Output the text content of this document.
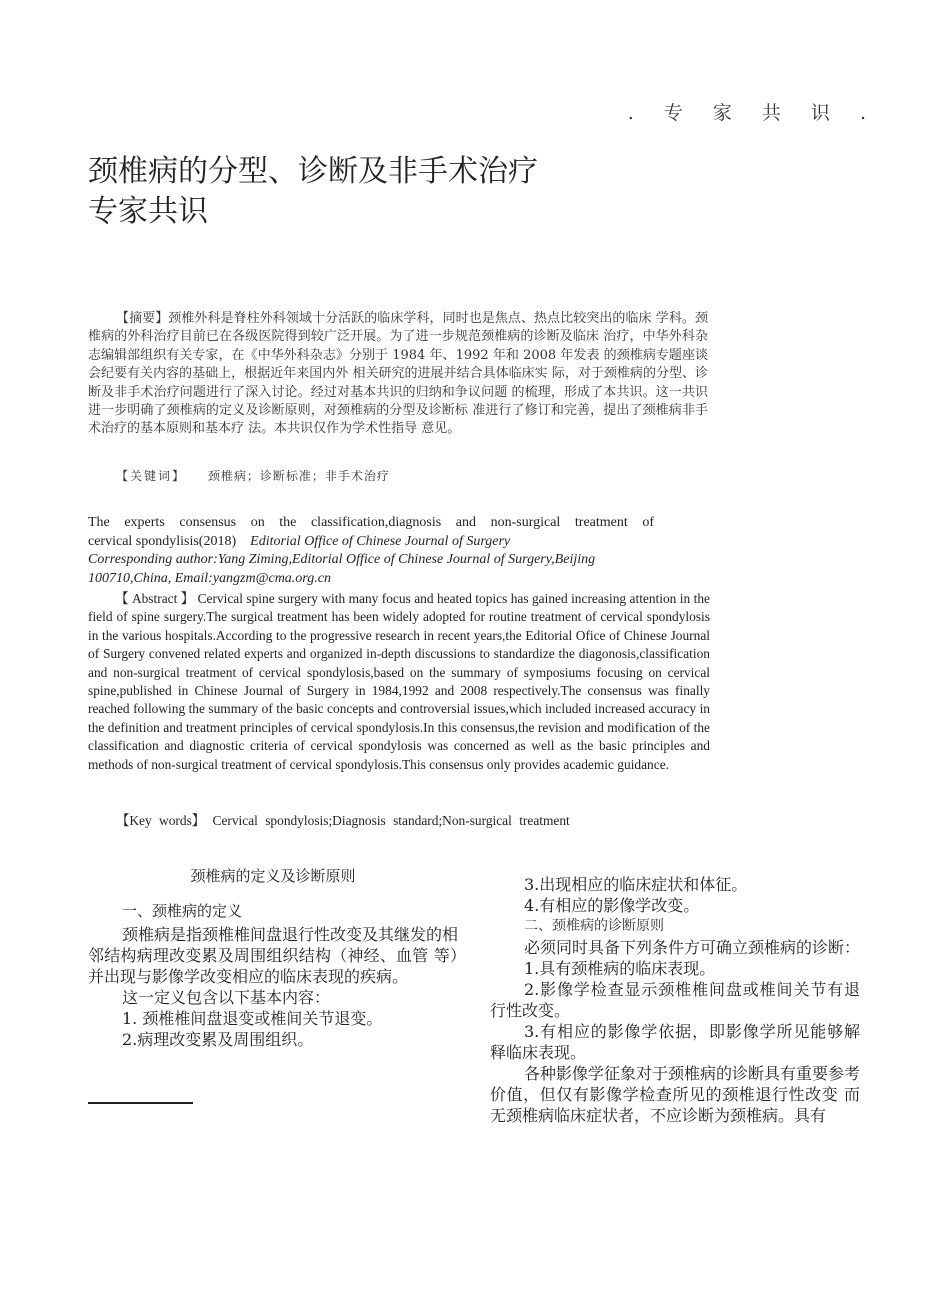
. 专 家 共 识 .
颈椎病的分型、诊断及非手术治疗
专家共识

【摘要】颈椎外科是脊柱外科领域十分活跃的临床学科，同时也是焦点、热点比较突出的临床 学科。颈椎病的外科治疗目前已在各级医院得到较广泛开展。为了进一步规范颈椎病的诊断及临床 治疗，中华外科杂志编辑部组织有关专家，在《中华外科杂志》分别于 1984 年、1992 年和 2008 年发表 的颈椎病专题座谈会纪要有关内容的基础上，根据近年来国内外 相关研究的进展并结合具体临床实 际，对于颈椎病的分型、诊断及非手术治疗问题进行了深入讨论。经过对基本共识的归纳和争议问题 的梳理，形成了本共识。这一共识进一步明确了颈椎病的定义及诊断原则，对颈椎病的分型及诊断标 准进行了修订和完善，提出了颈椎病非手术治疗的基本原则和基本疗 法。本共识仅作为学术性指导 意见。

【关键词】 颈椎病；诊断标准；非手术治疗
The experts consensus on the classification,diagnosis and non-surgical treatment of
cervical spondylisis(2018) Editorial Office of Chinese Journal of Surgery
Corresponding author:Yang Ziming,Editorial Office of Chinese Journal of Surgery,Beijing
100710,China, Email:yangzm@cma.org.cn

【 Abstract 】 Cervical spine surgery with many focus and heated topics has gained increasing attention in the field of spine surgery.The surgical treatment has been widely adopted for routine treatment of cervical spondylosis in the various hospitals.According to the progressive research in recent years,the Editorial Ofice of Chinese Journal of Surgery convened related experts and organized in-depth discussions to standardize the diagonosis,classification and non-surgical treatment of cervical spondylosis,based on the summary of symposiums focusing on cervical spine,published in Chinese Journal of Surgery in 1984,1992 and 2008 respectively.The consensus was finally reached following the summary of the basic concepts and controversial issues,which included increased accuracy in the definition and treatment principles of cervical spondylosis.In this consensus,the revision and modification of the classification and diagnostic criteria of cervical spondylosis was concerned as well as the basic principles and methods of non-surgical treatment of cervical spondylosis.This consensus only provides academic guidance.

【Key words】 Cervical spondylosis;Diagnosis standard;Non-surgical treatment

颈椎病的定义及诊断原则

一、颈椎病的定义

颈椎病是指颈椎椎间盘退行性改变及其继发的相邻结构病理改变累及周围组织结构（神经、血管 等）并出现与影像学改变相应的临床表现的疾病。

这一定义包含以下基本内容：

1. 颈椎椎间盘退变或椎间关节退变。

2.病理改变累及周围组织。

3.出现相应的临床症状和体征。

4.有相应的影像学改变。

二、颈椎病的诊断原则

必须同时具备下列条件方可确立颈椎病的诊断：

1.具有颈椎病的临床表现。

2.影像学检查显示颈椎椎间盘或椎间关节有退 行性改变。

3.有相应的影像学依据，即影像学所见能够解 释临床表现。

各种影像学征象对于颈椎病的诊断具有重要参考价值，但仅有影像学检查所见的颈椎退行性改变 而无颈椎病临床症状者，不应诊断为颈椎病。具有
